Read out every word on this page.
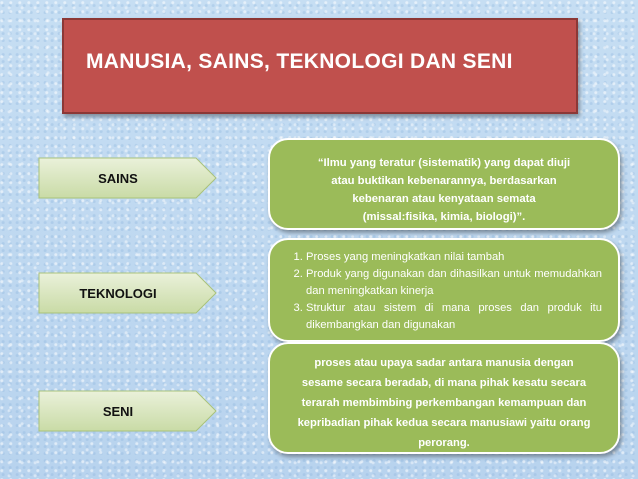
MANUSIA, SAINS, TEKNOLOGI DAN SENI
SAINS
TEKNOLOGI
SENI

“Ilmu yang teratur (sistematik) yang dapat diuji

atau buktikan kebenarannya, berdasarkan

kebenaran atau kenyataan semata

(missal:fisika, kimia, biologi)”.

1. Proses yang meningkatkan nilai tambah
2. Produk yang digunakan dan dihasilkan untuk memudahkan dan meningkatkan kinerja
3. Struktur atau sistem di mana proses dan produk itu dikembangkan dan digunakan
proses atau upaya sadar antara manusia dengan
sesame secara beradab, di mana pihak kesatu secara
terarah membimbing perkembangan kemampuan dan
kepribadian pihak kedua secara manusiawi yaitu orang
perorang.
